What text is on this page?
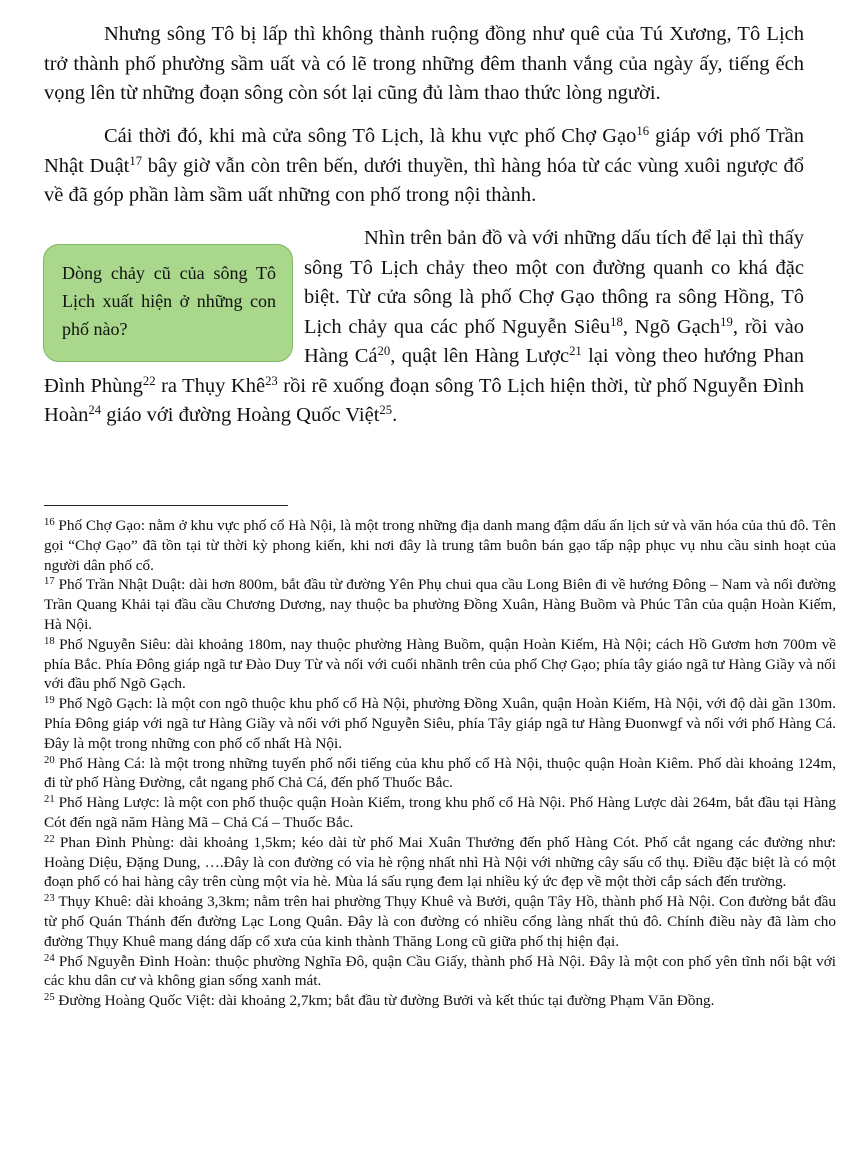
Nhưng sông Tô bị lấp thì không thành ruộng đồng như quê của Tú Xương, Tô Lịch trở thành phố phường sầm uất và có lẽ trong những đêm thanh vắng của ngày ấy, tiếng ếch vọng lên từ những đoạn sông còn sót lại cũng đủ làm thao thức lòng người.

Cái thời đó, khi mà cửa sông Tô Lịch, là khu vực phố Chợ Gạo$^{16}$ giáp với phố Trần Nhật Duật$^{17}$ bây giờ vẫn còn trên bến, dưới thuyền, thì hàng hóa từ các vùng xuôi ngược đổ về đã góp phần làm sầm uất những con phố trong nội thành.

Nhìn trên bản đồ và với những dấu tích để lại thì thấy sông Tô Lịch chảy theo một con đường quanh co khá đặc biệt. Từ cửa sông là phố Chợ Gạo thông ra sông Hồng, Tô Lịch chảy qua các phố Nguyễn Siêu$^{18}$, Ngõ Gạch$^{19}$, rồi vào Hàng $Cá^{20}$, quật lên Hàng Lược$^{21}$ lại vòng theo hướng Phan Đình Phùng$^{22}$ ra Thụy Khê$^{23}$ rồi rẽ xuống đoạn sông Tô Lịch hiện thời, từ phố Nguyễn Đình Hoàn$^{24}$ giáo với đường Hoàng Quốc Việt$^{25}$.

Dòng chảy cũ của sông Tô Lịch xuất hiện ở những con phố nào?

$^{16}$ Phố Chợ Gạo: nằm ở khu vực phố cổ Hà Nội, là một trong những địa danh mang đậm dấu ấn lịch sử và văn hóa của thủ đô. Tên gọi “Chợ Gạo” đã tồn tại từ thời kỳ phong kiến, khi nơi đây là trung tâm buôn bán gạo tấp nập phục vụ nhu cầu sinh hoạt của người dân phố cổ.

$^{17}$ Phố Trần Nhật Duật: dài hơn 800m, bắt đầu từ đường Yên Phụ chui qua cầu Long Biên đi về hướng Đông – Nam và nối đường Trần Quang Khải tại đầu cầu Chương Dương, nay thuộc ba phường Đồng Xuân, Hàng Buồm và Phúc Tân của quận Hoàn Kiếm, Hà Nội.

$^{18}$ Phố Nguyễn Siêu: dài khoảng 180m, nay thuộc phường Hàng Buồm, quận Hoàn Kiếm, Hà Nội; cách Hồ Gươm hơn 700m về phía Bắc. Phía Đông giáp ngã tư Đào Duy Từ và nối với cuối nhãnh trên của phố Chợ Gạo; phía tây giáo ngã tư Hàng Giầy và nối với đầu phố Ngõ Gạch.

$^{19}$ Phố Ngõ Gạch: là một con ngõ thuộc khu phố cổ Hà Nội, phường Đồng Xuân, quận Hoàn Kiếm, Hà Nội, với độ dài gần 130m. Phía Đông giáp với ngã tư Hàng Giầy và nối với phố Nguyễn Siêu, phía Tây giáp ngã tư Hàng Đuonwgf và nối với phố Hàng Cá. Đây là một trong những con phố cổ nhất Hà Nội.

$^{20}$ Phố Hàng Cá: là một trong những tuyến phố nổi tiếng của khu phố cổ Hà Nội, thuộc quận Hoàn Kiêm. Phố dài khoảng 124m, đi từ phố Hàng Đường, cắt ngang phố Chả Cá, đến phố Thuốc Bắc.

$^{21}$ Phố Hàng Lược: là một con phố thuộc quận Hoàn Kiếm, trong khu phố cổ Hà Nội. Phố Hàng Lược dài 264m, bắt đầu tại Hàng Cót đến ngã năm Hàng Mã – Chả Cá – Thuốc Bắc.

$^{22}$ Phan Đình Phùng: dài khoảng 1,5km; kéo dài từ phố Mai Xuân Thưởng đến phố Hàng Cót. Phố cắt ngang các đường như: Hoàng Diệu, Đặng Dung, ….Đây là con đường có vỉa hè rộng nhất nhì Hà Nội với những cây sấu cổ thụ. Điều đặc biệt là có một đoạn phố có hai hàng cây trên cùng một vỉa hè. Mùa lá sấu rụng đem lại nhiều ký ức đẹp về một thời cắp sách đến trường.

$^{23}$ Thụy Khuê: dài khoảng 3,3km; nằm trên hai phường Thụy Khuê và Bưởi, quận Tây Hồ, thành phố Hà Nội. Con đường bắt đầu từ phố Quán Thánh đến đường Lạc Long Quân. Đây là con đường có nhiều cổng làng nhất thủ đô. Chính điều này đã làm cho đường Thụy Khuê mang dáng dấp cổ xưa của kinh thành Thăng Long cũ giữa phố thị hiện đại.

$^{24}$ Phố Nguyễn Đình Hoàn: thuộc phường Nghĩa Đô, quận Cầu Giấy, thành phố Hà Nội. Đây là một con phố yên tĩnh nổi bật với các khu dân cư và không gian sống xanh mát.

$^{25}$ Đường Hoàng Quốc Việt: dài khoảng 2,7km; bắt đầu từ đường Bưởi và kết thúc tại đường Phạm Văn Đồng.
